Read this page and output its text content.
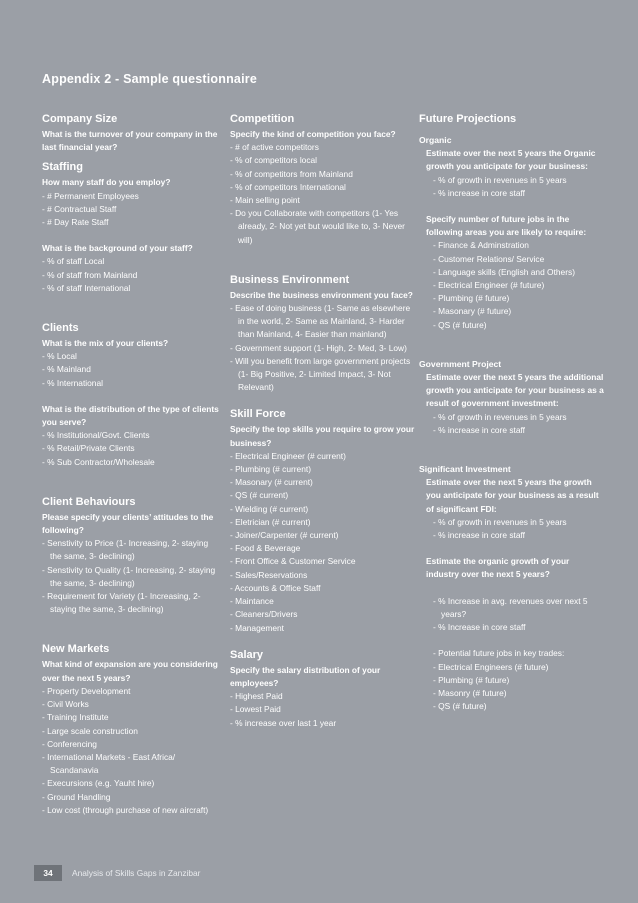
Appendix 2 - Sample questionnaire
Company Size
What is the turnover of your company in the last financial year?
Staffing
How many staff do you employ?
- # Permanent Employees
- # Contractual Staff
- # Day Rate Staff
What is the background of your staff?
- % of staff Local
- % of staff from Mainland
- % of staff International
Clients
What is the mix of your clients?
- % Local
- % Mainland
- % International
What is the distribution of the type of clients you serve?
- % Institutional/Govt. Clients
- % Retail/Private Clients
- % Sub Contractor/Wholesale
Client Behaviours
Please specify your clients’ attitudes to the following?
- Senstivity to Price (1- Increasing, 2- staying the same, 3- declining)
- Senstivity to Quality (1- Increasing, 2- staying the same, 3- declining)
- Requirement for Variety (1- Increasing, 2- staying the same, 3- declining)
New Markets
What kind of expansion are you considering over the next 5 years?
- Property Development
- Civil Works
- Training Institute
- Large scale construction
- Conferencing
- International Markets - East Africa/ Scandanavia
- Execursions (e.g. Yauht hire)
- Ground Handling
- Low cost (through purchase of new aircraft)
Competition
Specify the kind of competition you face?
- # of active competitors
- % of competitors local
- % of competitors from Mainland
- % of competitors International
- Main selling point
- Do you Collaborate with competitors (1- Yes already, 2- Not yet but would like to, 3- Never will)
Business Environment
Describe the business environment you face?
- Ease of doing business (1- Same as elsewhere in the world, 2- Same as Mainland, 3- Harder than Mainland, 4- Easier than mainland)
- Government support (1- High, 2- Med, 3- Low)
- Will you benefit from large government projects (1- Big Positive, 2- Limited Impact, 3- Not Relevant)
Skill Force
Specify the top skills you require to grow your business?
- Electrical Engineer (# current)
- Plumbing (# current)
- Masonary (# current)
- QS (# current)
- Wielding (# current)
- Eletrician (# current)
- Joiner/Carpenter (# current)
- Food & Beverage
- Front Office & Customer Service
- Sales/Reservations
- Accounts & Office Staff
- Maintance
- Cleaners/Drivers
- Management
Salary
Specify the salary distribution of your employees?
- Highest Paid
- Lowest Paid
- % increase over last 1 year
Future Projections
Organic
Estimate over the next 5 years the Organic growth you anticipate for your business:
- % of growth in revenues in 5 years
- % increase in core staff
Specify number of future jobs in the following areas you are likely to require:
- Finance & Adminstration
- Customer Relations/ Service
- Language skills (English and Others)
- Electrical Engineer (# future)
- Plumbing (# future)
- Masonary (# future)
- QS (# future)
Government Project
Estimate over the next 5 years the additional growth you anticipate for your business as a result of government investment:
- % of growth in revenues in 5 years
- % increase in core staff
Significant Investment
Estimate over the next 5 years the growth you anticipate for your business as a result of significant FDI:
- % of growth in revenues in 5 years
- % increase in core staff
Estimate the organic growth of your industry over the next 5 years?
- % Increase in avg. revenues over next 5 years?
- % Increase in core staff
- Potential future jobs in key trades:
- Electrical Engineers (# future)
- Plumbing (# future)
- Masonry (# future)
- QS (# future)
34	Analysis of Skills Gaps in Zanzibar
